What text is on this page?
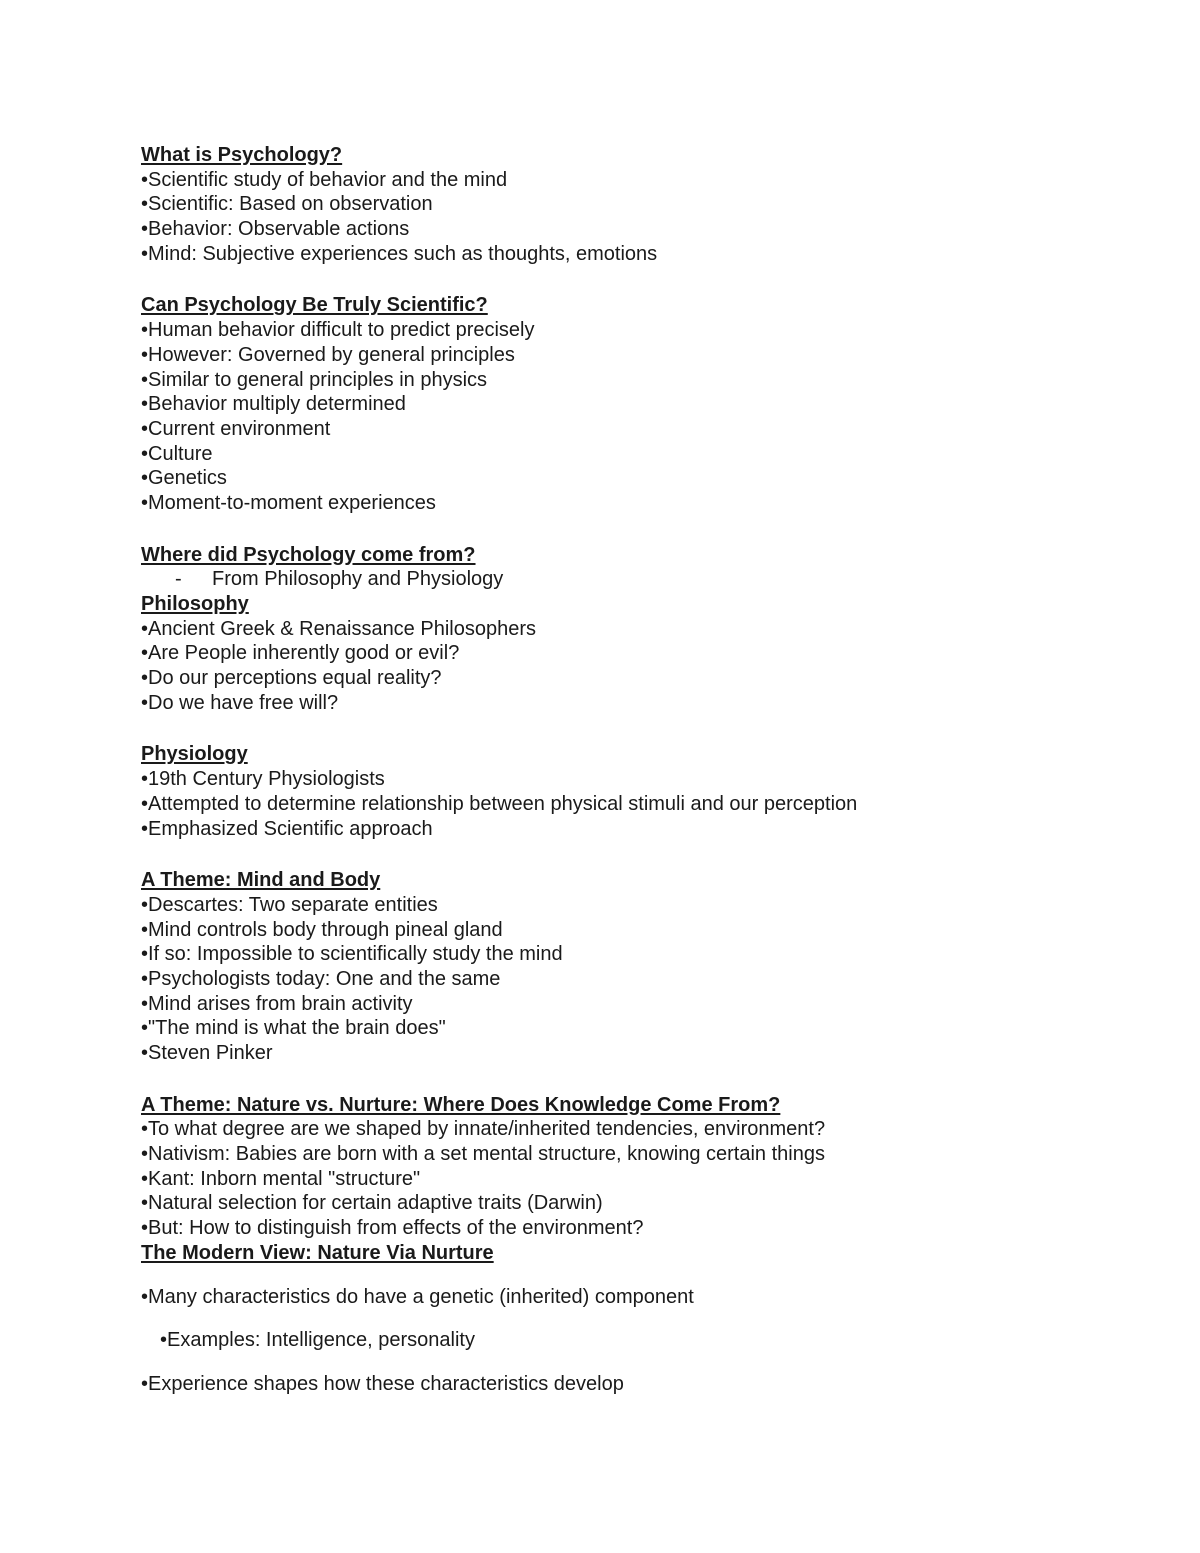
What is Psychology?
•Scientific study of behavior and the mind
•Scientific: Based on observation
•Behavior: Observable actions
•Mind: Subjective experiences such as thoughts, emotions
Can Psychology Be Truly Scientific?
•Human behavior difficult to predict precisely
•However: Governed by general principles
•Similar to general principles in physics
•Behavior multiply determined
•Current environment
•Culture
•Genetics
•Moment-to-moment experiences
Where did Psychology come from?
- From Philosophy and Physiology
Philosophy
•Ancient Greek & Renaissance Philosophers
•Are People inherently good or evil?
•Do our perceptions equal reality?
•Do we have free will?
Physiology
•19th Century Physiologists
•Attempted to determine relationship between physical stimuli and our perception
•Emphasized Scientific approach
A Theme: Mind and Body
•Descartes: Two separate entities
•Mind controls body through pineal gland
•If so: Impossible to scientifically study the mind
•Psychologists today: One and the same
•Mind arises from brain activity
•"The mind is what the brain does"
•Steven Pinker
A Theme: Nature vs. Nurture: Where Does Knowledge Come From?
•To what degree are we shaped by innate/inherited tendencies, environment?
•Nativism: Babies are born with a set mental structure, knowing certain things
•Kant: Inborn mental "structure"
•Natural selection for certain adaptive traits (Darwin)
•But: How to distinguish from effects of the environment?
The Modern View: Nature Via Nurture
•Many characteristics do have a genetic (inherited) component
•Examples: Intelligence, personality
•Experience shapes how these characteristics develop
